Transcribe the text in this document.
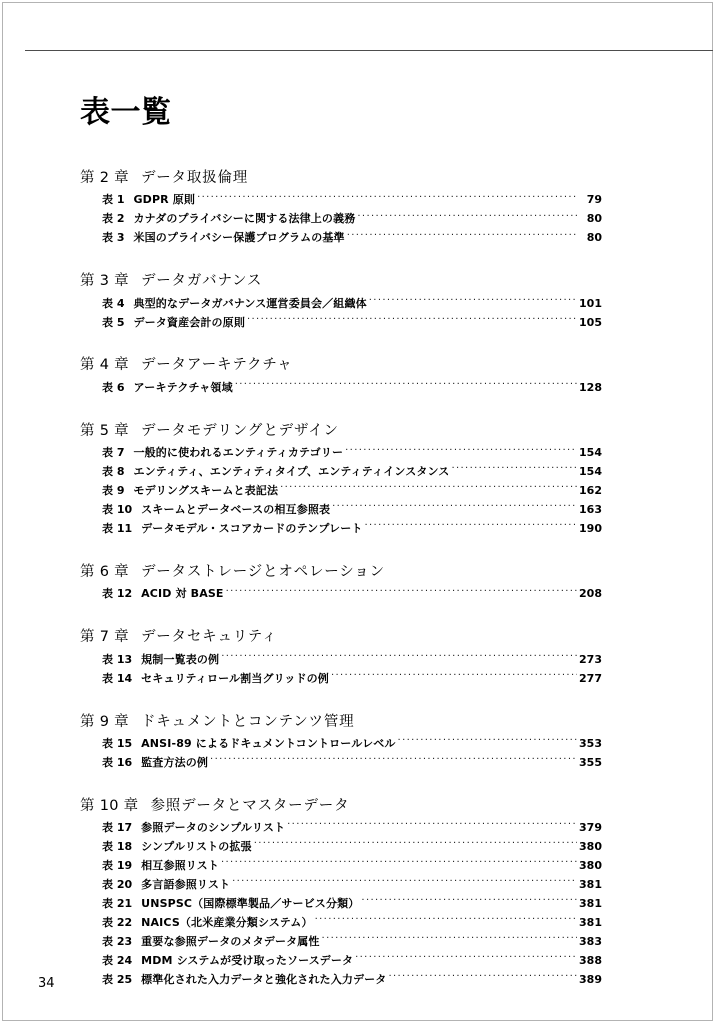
表一覧
第 2 章 データ取扱倫理
表 1 GDPR 原則 .....	79
表 2 カナダのプライバシーに関する法律上の義務 .....	80
表 3 米国のプライバシー保護プログラムの基準 .....	80
第 3 章 データガバナンス
表 4 典型的なデータガバナンス運営委員会／組織体 .....	101
表 5 データ資産会計の原則 .....	105
第 4 章 データアーキテクチャ
表 6 アーキテクチャ領域 .....	128
第 5 章 データモデリングとデザイン
表 7 一般的に使われるエンティティカテゴリー .....	154
表 8 エンティティ、エンティティタイプ、エンティティインスタンス .....	154
表 9 モデリングスキームと表記法 .....	162
表 10 スキームとデータベースの相互参照表 .....	163
表 11 データモデル・スコアカードのテンプレート .....	190
第 6 章 データストレージとオペレーション
表 12 ACID 対 BASE .....	208
第 7 章 データセキュリティ
表 13 規制一覧表の例 .....	273
表 14 セキュリティロール割当グリッドの例 .....	277
第 9 章 ドキュメントとコンテンツ管理
表 15 ANSI-89 によるドキュメントコントロールレベル .....	353
表 16 監査方法の例 .....	355
第 10 章 参照データとマスターデータ
表 17 参照データのシンプルリスト .....	379
表 18 シンプルリストの拡張 .....	380
表 19 相互参照リスト .....	380
表 20 多言語参照リスト .....	381
表 21 UNSPSC（国際標準製品／サービス分類） .....	381
表 22 NAICS（北米産業分類システム） .....	381
表 23 重要な参照データのメタデータ属性 .....	383
表 24 MDM システムが受け取ったソースデータ .....	388
表 25 標準化された入力データと強化された入力データ .....	389
34
